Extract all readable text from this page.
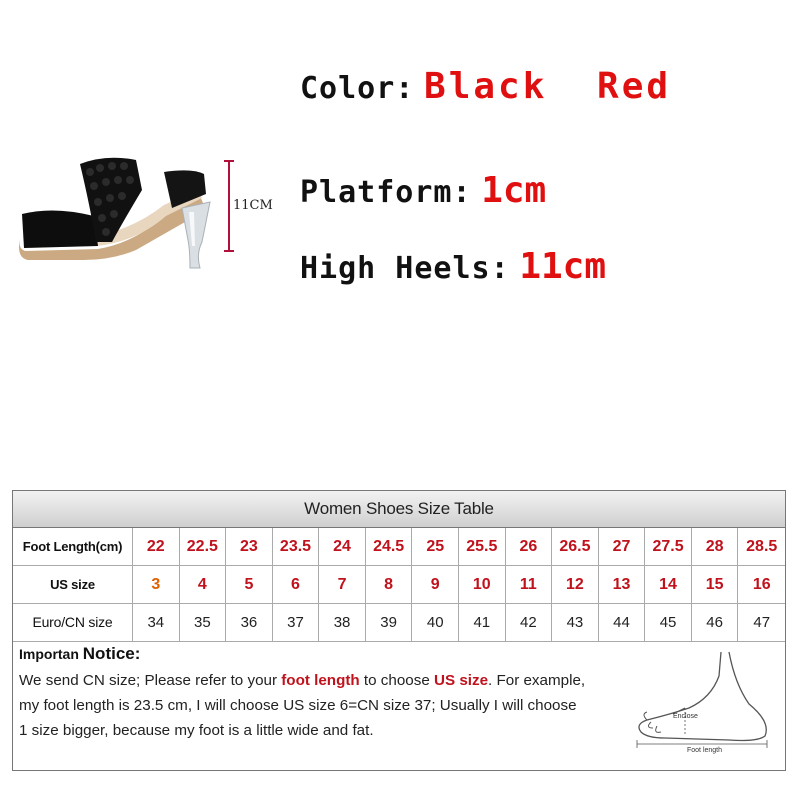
11CM
Color: Black Red
Platform: 1cm
High Heels: 11cm
Women Shoes Size Table
Foot Length(cm)	22	22.5	23	23.5	24	24.5	25	25.5	26	26.5	27	27.5	28	28.5
US size	3	4	5	6	7	8	9	10	11	12	13	14	15	16
Euro/CN size	34	35	36	37	38	39	40	41	42	43	44	45	46	47
Importan Notice:
We send CN size; Please refer to your foot length to choose US size. For example,
my foot length is 23.5 cm, I will choose US size 6=CN size 37; Usually I will choose
1 size bigger, because my foot is a little wide and fat.
Enclose
Foot length
